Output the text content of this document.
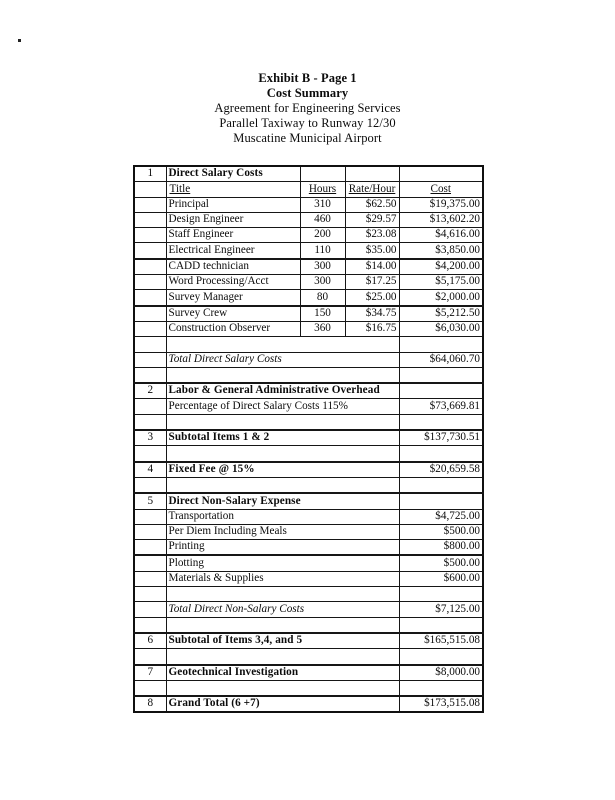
Exhibit B - Page 1
Cost Summary
Agreement for Engineering Services
Parallel Taxiway to Runway 12/30
Muscatine Municipal Airport
1	Direct Salary Costs			
	Title	Hours	Rate/Hour	Cost
	Principal	310	$62.50	$19,375.00
	Design Engineer	460	$29.57	$13,602.20
	Staff Engineer	200	$23.08	$4,616.00
	Electrical Engineer	110	$35.00	$3,850.00
	CADD technician	300	$14.00	$4,200.00
	Word Processing/Acct	300	$17.25	$5,175.00
	Survey Manager	80	$25.00	$2,000.00
	Survey Crew	150	$34.75	$5,212.50
	Construction Observer	360	$16.75	$6,030.00

	Total Direct Salary Costs			$64,060.70

2	Labor & General Administrative Overhead			
	Percentage of Direct Salary Costs 115%			$73,669.81

3	Subtotal Items 1 & 2			$137,730.51

4	Fixed Fee @ 15%			$20,659.58

5	Direct Non-Salary Expense			
	Transportation			$4,725.00
	Per Diem Including Meals			$500.00
	Printing			$800.00
	Plotting			$500.00
	Materials & Supplies			$600.00

	Total Direct Non-Salary Costs			$7,125.00

6	Subtotal of Items 3,4, and 5			$165,515.08

7	Geotechnical Investigation			$8,000.00

8	Grand Total (6 +7)			$173,515.08
